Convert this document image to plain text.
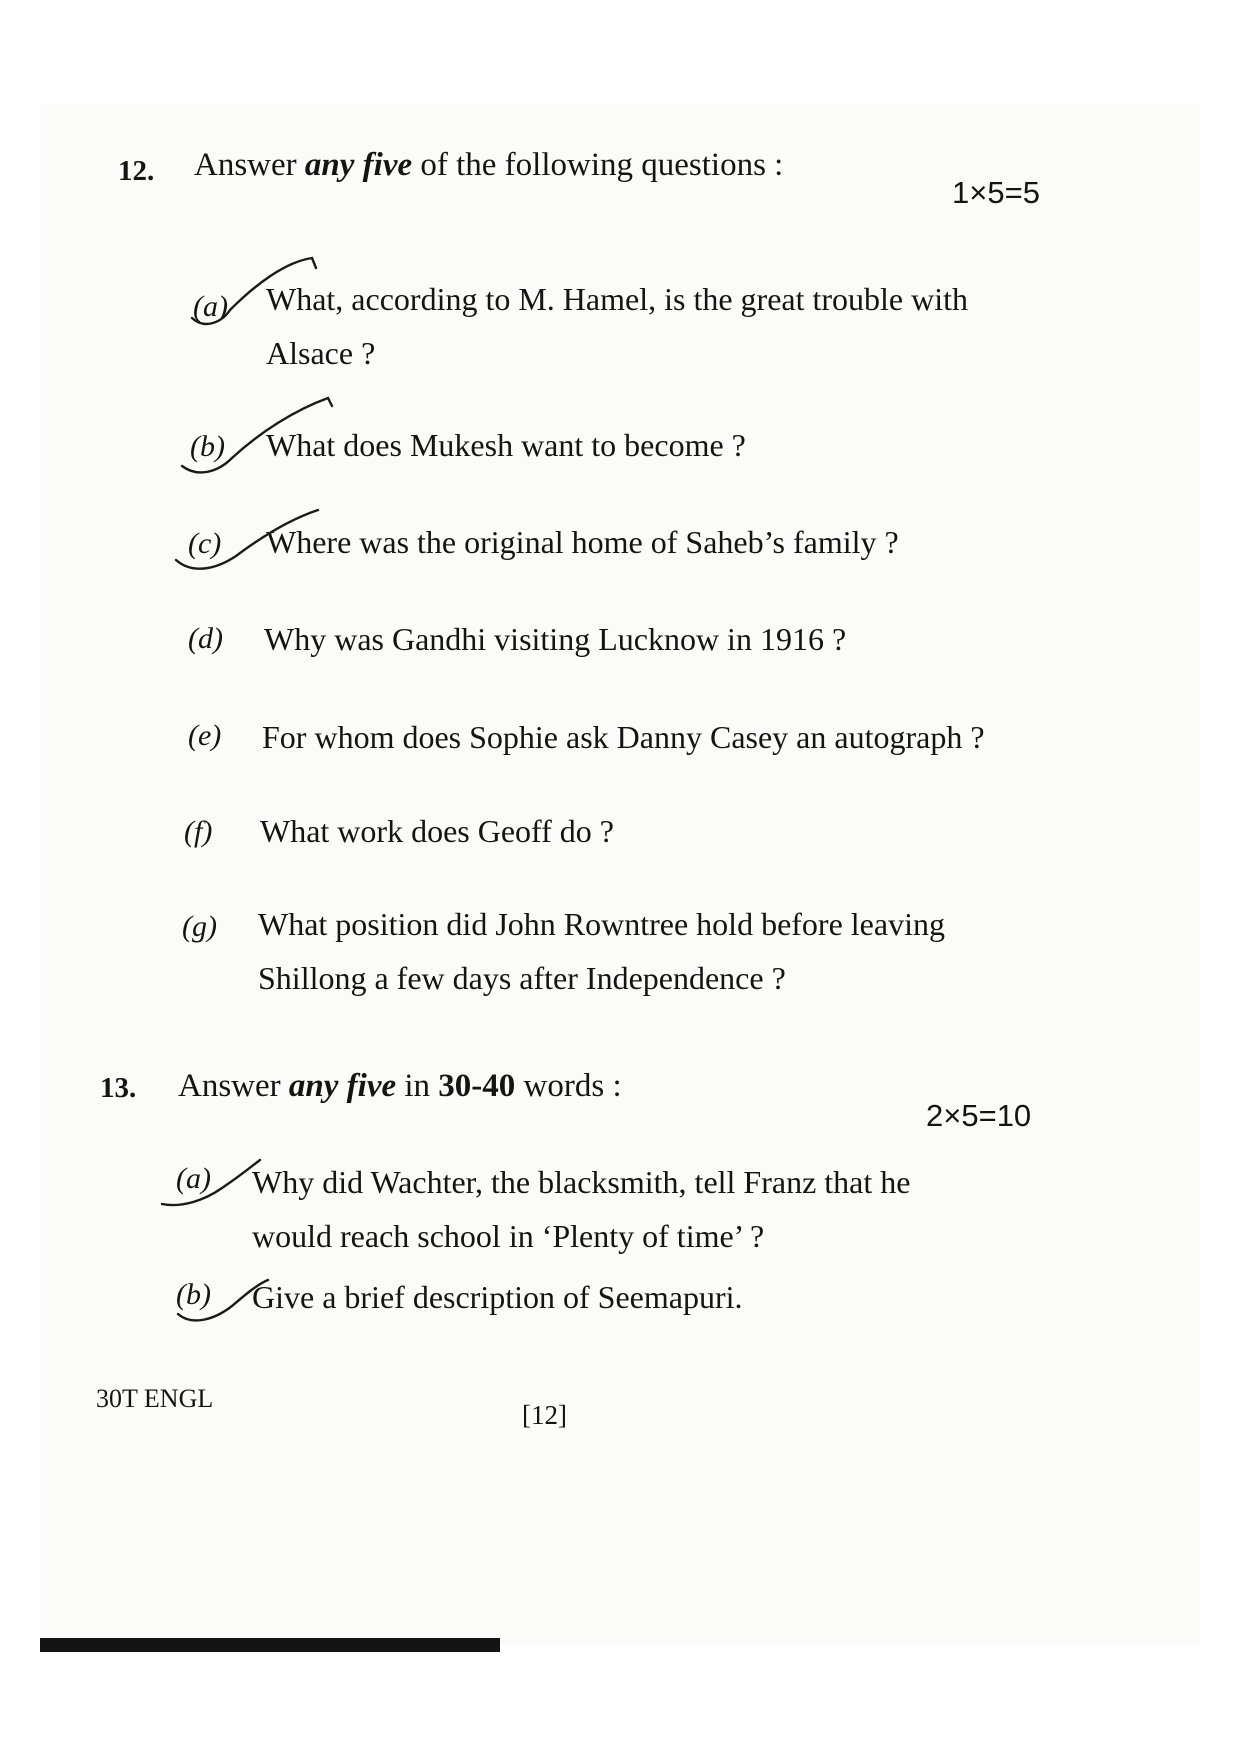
12. Answer any five of the following questions :
1×5=5
(a) What, according to M. Hamel, is the great trouble with
Alsace ?
(b) What does Mukesh want to become ?
(c) Where was the original home of Saheb’s family ?
(d) Why was Gandhi visiting Lucknow in 1916 ?
(e) For whom does Sophie ask Danny Casey an autograph ?
(f) What work does Geoff do ?
(g) What position did John Rowntree hold before leaving
Shillong a few days after Independence ?
13. Answer any five in 30-40 words :
2×5=10
(a) Why did Wachter, the blacksmith, tell Franz that he
would reach school in ‘Plenty of time’ ?
(b) Give a brief description of Seemapuri.
30T ENGL
[12]
